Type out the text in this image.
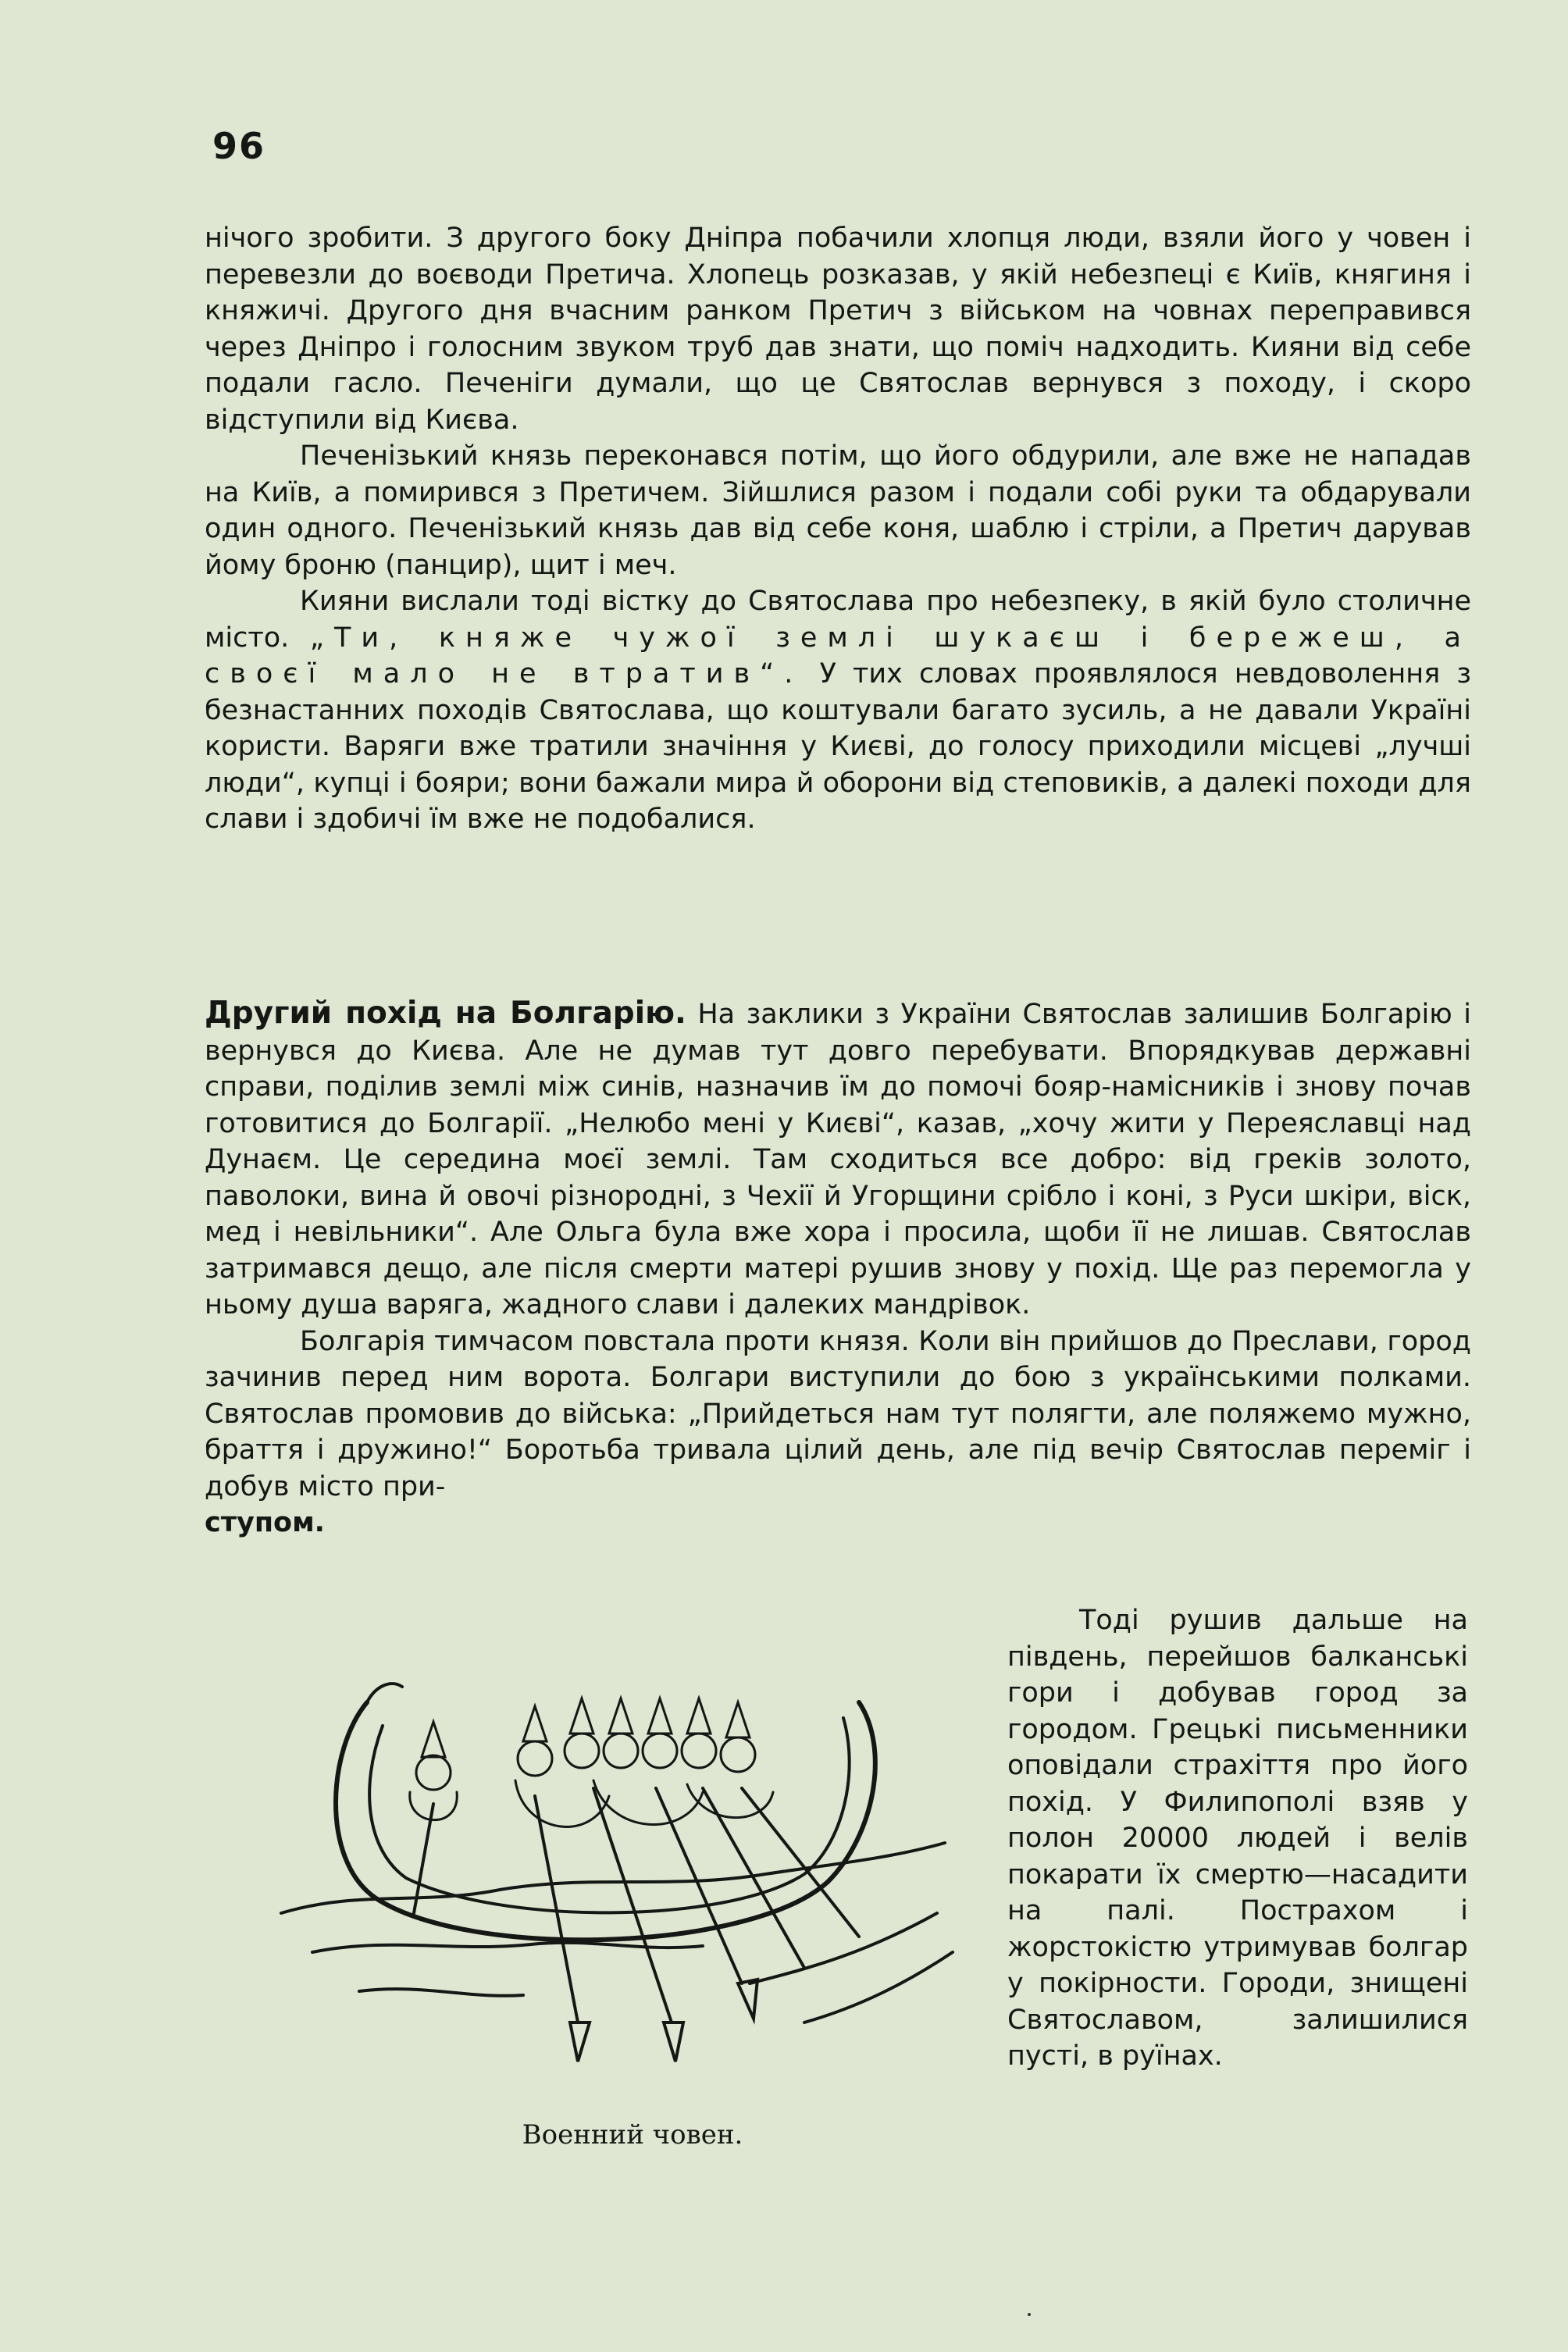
96

нічого зробити. З другого боку Дніпра побачили хлопця люди, взяли його у човен і перевезли до воєводи Претича. Хлопець розказав, у якій небезпеці є Київ, княгиня і княжичі. Другого дня вчасним ранком Претич з військом на човнах переправився через Дніпро і голосним звуком труб дав знати, що поміч надходить. Кияни від себе подали гасло. Печеніги думали, що це Святослав вернувся з походу, і скоро відступили від Києва.

Печенізький князь переконався потім, що його обдурили, але вже не нападав на Київ, а помирився з Претичем. Зійшлися разом і подали собі руки та обдарували один одного. Печенізький князь дав від себе коня, шаблю і стріли, а Претич дарував йому броню (панцир), щит і меч.

Кияни вислали тоді вістку до Святослава про небезпеку, в якій було столичне місто. „Ти, княже чужої землі шукаєш і бережеш, а своєї мало не втратив“. У тих словах проявлялося невдоволення з безнастанних походів Святослава, що коштували багато зусиль, а не давали Україні користи. Варяги вже тратили значіння у Києві, до голосу приходили місцеві „лучші люди“, купці і бояри; вони бажали мира й оборони від степовиків, а далекі походи для слави і здобичі їм вже не подобалися.

Другий похід на Болгарію. На заклики з України Святослав залишив Болгарію і вернувся до Києва. Але не думав тут довго перебувати. Впорядкував державні справи, поділив землі між синів, назначив їм до помочі бояр-намісників і знову почав готовитися до Болгарії. „Нелюбо мені у Києві“, казав, „хочу жити у Переяславці над Дунаєм. Це середина моєї землі. Там сходиться все добро: від греків золото, паволоки, вина й овочі різнородні, з Чехії й Угорщини срібло і коні, з Руси шкіри, віск, мед і невільники“. Але Ольга була вже хора і просила, щоби її не лишав. Святослав затримався дещо, але після смерти матері рушив знову у похід. Ще раз перемогла у ньому душа варяга, жадного слави і далеких мандрівок.

Болгарія тимчасом повстала проти князя. Коли він прийшов до Преслави, город зачинив перед ним ворота. Болгари виступили до бою з українськими полками. Святослав промовив до війська: „Прийдеться нам тут полягти, але поляжемо мужно, браття і дружино!“ Боротьба тривала цілий день, але під вечір Святослав переміг і добув місто при-
ступом.

Тоді рушив дальше на південь, перейшов балканські гори і добував город за городом. Грецькі письменники оповідали страхіття про його похід. У Филипополі взяв у полон 20000 людей і велів покарати їх смертю—насадити на палі. Пострахом і жорстокістю утримував болгар у покірности. Городи, знищені Святославом, залишилися пусті, в руїнах.

Военний човен.
